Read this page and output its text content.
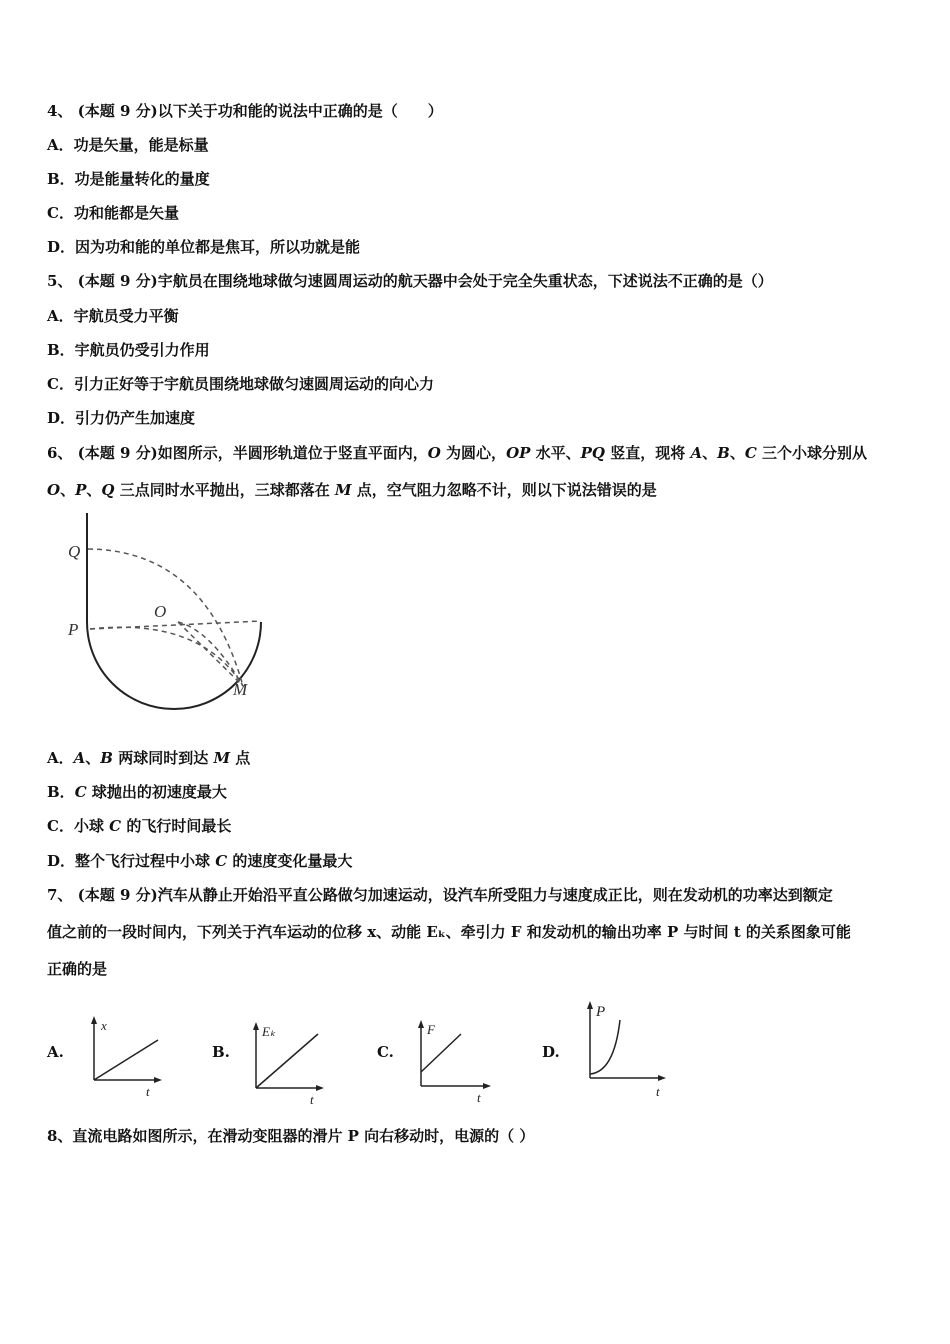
4、 (本题 9 分)以下关于功和能的说法中正确的是（　　）
A．功是矢量，能是标量
B．功是能量转化的量度
C．功和能都是矢量
D．因为功和能的单位都是焦耳，所以功就是能
5、 (本题 9 分)宇航员在围绕地球做匀速圆周运动的航天器中会处于完全失重状态，下述说法不正确的是（）
A．宇航员受力平衡
B．宇航员仍受引力作用
C．引力正好等于宇航员围绕地球做匀速圆周运动的向心力
D．引力仍产生加速度
6、 (本题 9 分)如图所示，半圆形轨道位于竖直平面内，O 为圆心，OP 水平、PQ 竖直，现将 A、B、C 三个小球分别从
O、P、Q 三点同时水平抛出，三球都落在 M 点，空气阻力忽略不计，则以下说法错误的是
Q
P
O
M
A．A、B 两球同时到达 M 点
B．C 球抛出的初速度最大
C．小球 C 的飞行时间最长
D．整个飞行过程中小球 C 的速度变化量最大
7、 (本题 9 分)汽车从静止开始沿平直公路做匀加速运动，设汽车所受阻力与速度成正比，则在发动机的功率达到额定
值之前的一段时间内，下列关于汽车运动的位移 x、动能 Eₖ、牵引力 F 和发动机的输出功率 P 与时间 t 的关系图象可能
正确的是
A.
x
t
B.
Eₖ
t
C.
F
t
D.
P
t
8、直流电路如图所示，在滑动变阻器的滑片 P 向右移动时，电源的（ ）
